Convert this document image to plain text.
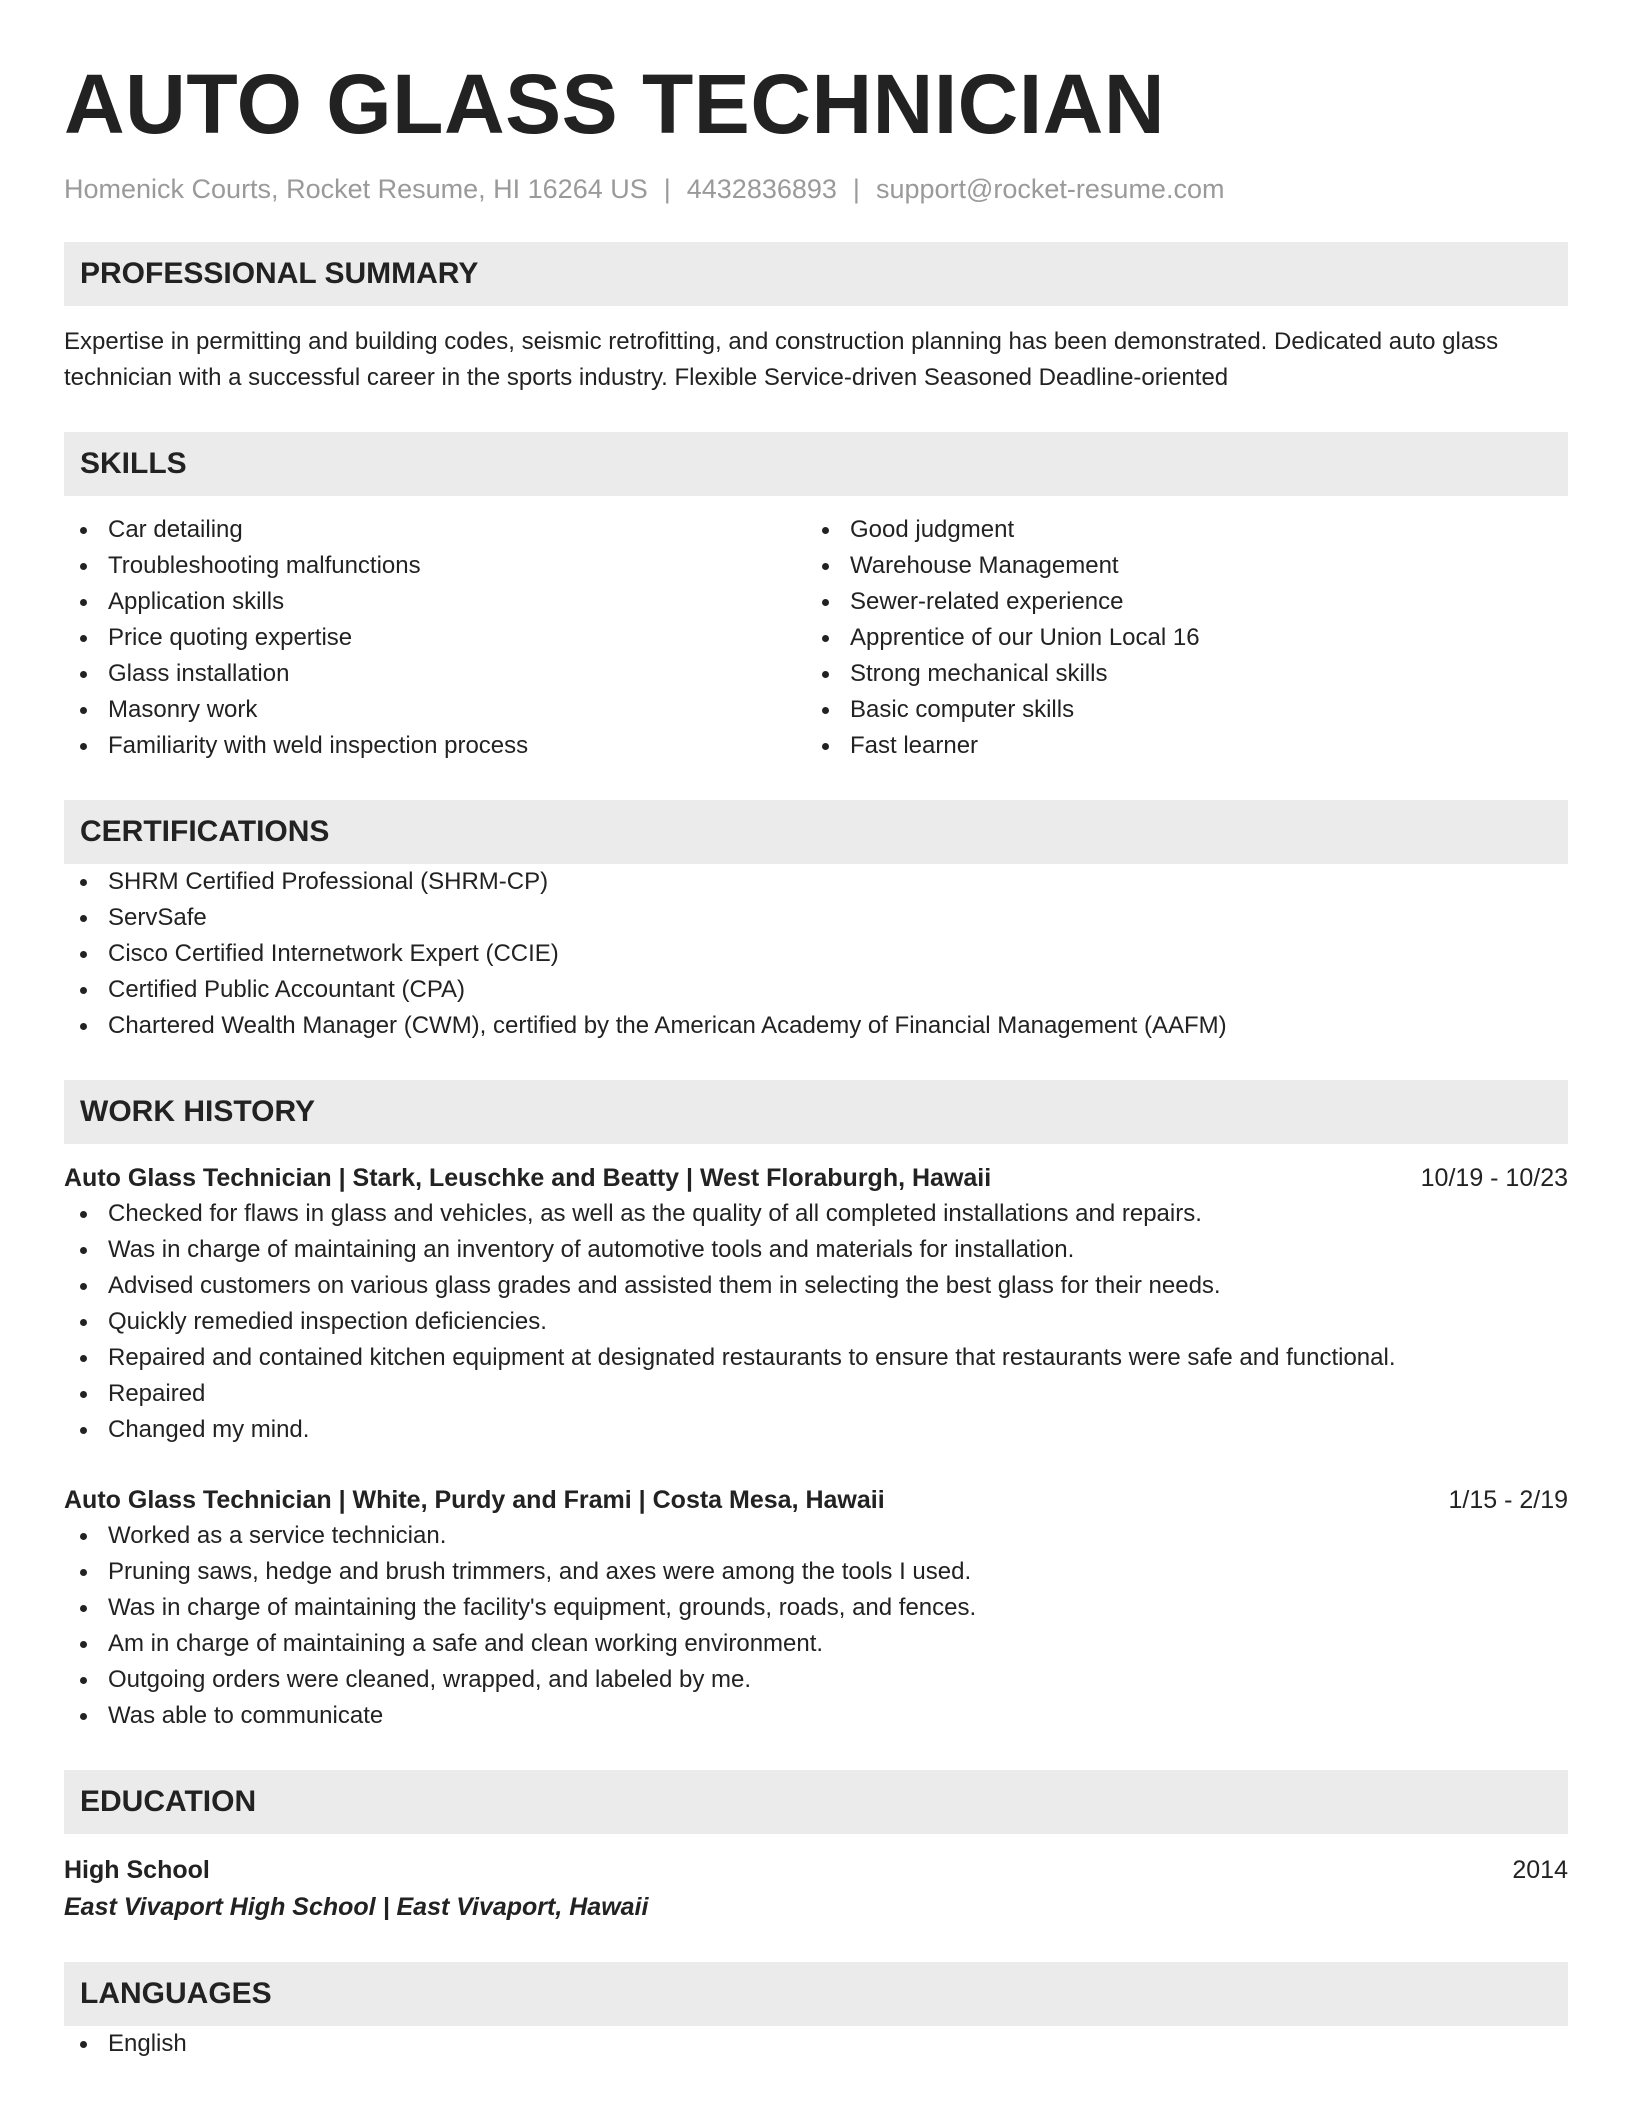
AUTO GLASS TECHNICIAN
Homenick Courts, Rocket Resume, HI 16264 US | 4432836893 | support@rocket-resume.com
PROFESSIONAL SUMMARY
Expertise in permitting and building codes, seismic retrofitting, and construction planning has been demonstrated. Dedicated auto glass technician with a successful career in the sports industry. Flexible Service-driven Seasoned Deadline-oriented
SKILLS
Car detailing
Troubleshooting malfunctions
Application skills
Price quoting expertise
Glass installation
Masonry work
Familiarity with weld inspection process
Good judgment
Warehouse Management
Sewer-related experience
Apprentice of our Union Local 16
Strong mechanical skills
Basic computer skills
Fast learner
CERTIFICATIONS
SHRM Certified Professional (SHRM-CP)
ServSafe
Cisco Certified Internetwork Expert (CCIE)
Certified Public Accountant (CPA)
Chartered Wealth Manager (CWM), certified by the American Academy of Financial Management (AAFM)
WORK HISTORY
Auto Glass Technician | Stark, Leuschke and Beatty | West Floraburgh, Hawaii	10/19 - 10/23
Checked for flaws in glass and vehicles, as well as the quality of all completed installations and repairs.
Was in charge of maintaining an inventory of automotive tools and materials for installation.
Advised customers on various glass grades and assisted them in selecting the best glass for their needs.
Quickly remedied inspection deficiencies.
Repaired and contained kitchen equipment at designated restaurants to ensure that restaurants were safe and functional.
Repaired
Changed my mind.
Auto Glass Technician | White, Purdy and Frami | Costa Mesa, Hawaii	1/15 - 2/19
Worked as a service technician.
Pruning saws, hedge and brush trimmers, and axes were among the tools I used.
Was in charge of maintaining the facility's equipment, grounds, roads, and fences.
Am in charge of maintaining a safe and clean working environment.
Outgoing orders were cleaned, wrapped, and labeled by me.
Was able to communicate
EDUCATION
High School	2014
East Vivaport High School | East Vivaport, Hawaii
LANGUAGES
English
